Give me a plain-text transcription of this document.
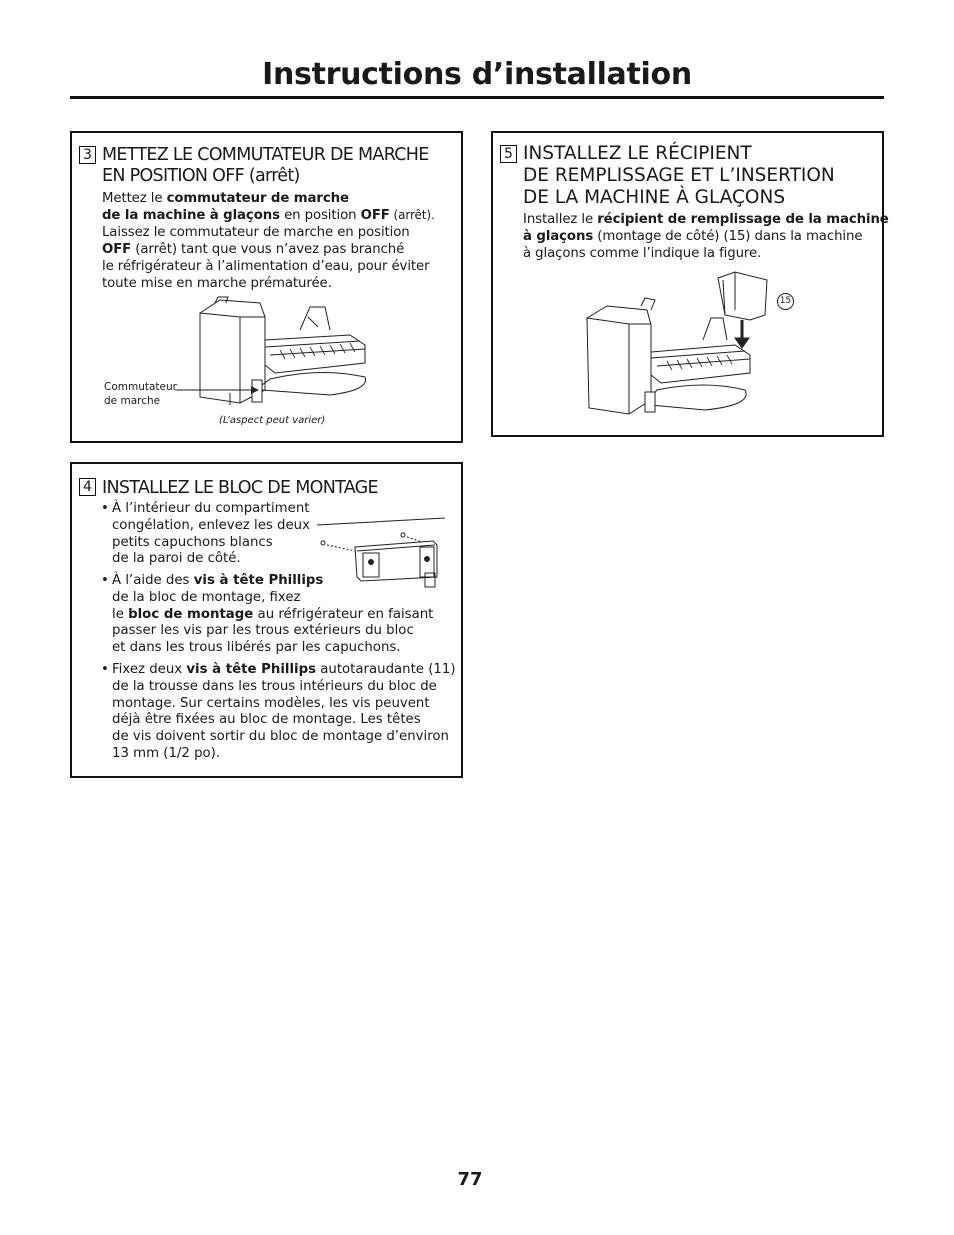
Instructions d’installation
3 METTEZ LE COMMUTATEUR DE MARCHE
EN POSITION OFF (arrêt)
Mettez le commutateur de marche
de la machine à glaçons en position OFF (arrêt).
Laissez le commutateur de marche en position
OFF (arrêt) tant que vous n’avez pas branché
le réfrigérateur à l’alimentation d’eau, pour éviter
toute mise en marche prématurée.
Commutateur
de marche
(L’aspect peut varier)
4 INSTALLEZ LE BLOC DE MONTAGE
• À l’intérieur du compartiment
congélation, enlevez les deux
petits capuchons blancs
de la paroi de côté.
• À l’aide des vis à tête Phillips
de la bloc de montage, fixez
le bloc de montage au réfrigérateur en faisant
passer les vis par les trous extérieurs du bloc
et dans les trous libérés par les capuchons.
• Fixez deux vis à tête Phillips autotaraudante (11)
de la trousse dans les trous intérieurs du bloc de
montage. Sur certains modèles, les vis peuvent
déjà être fixées au bloc de montage. Les têtes
de vis doivent sortir du bloc de montage d’environ
13 mm (1/2 po).
5 INSTALLEZ LE RÉCIPIENT
DE REMPLISSAGE ET L’INSERTION
DE LA MACHINE À GLAÇONS
Installez le récipient de remplissage de la machine
à glaçons (montage de côté) (15) dans la machine
à glaçons comme l’indique la figure.
15
77
